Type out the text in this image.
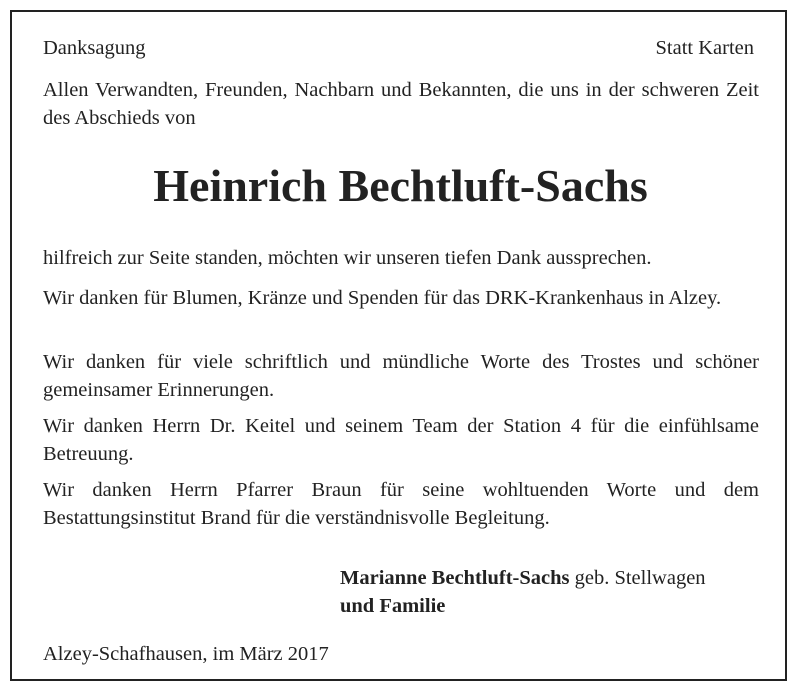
Danksagung	Statt Karten

Allen Verwandten, Freunden, Nachbarn und Bekannten, die uns in der schweren Zeit des Abschieds von

Heinrich Bechtluft-Sachs

hilfreich zur Seite standen, möchten wir unseren tiefen Dank aussprechen.

Wir danken für Blumen, Kränze und Spenden für das DRK-Krankenhaus in Alzey.

Wir danken für viele schriftlich und mündliche Worte des Trostes und schöner gemeinsamer Erinnerungen.

Wir danken Herrn Dr. Keitel und seinem Team der Station 4 für die einfühlsame Betreuung.

Wir danken Herrn Pfarrer Braun für seine wohltuenden Worte und dem Bestattungsinstitut Brand für die verständnisvolle Begleitung.

Marianne Bechtluft-Sachs geb. Stellwagen

und Familie

Alzey-Schafhausen, im März 2017
